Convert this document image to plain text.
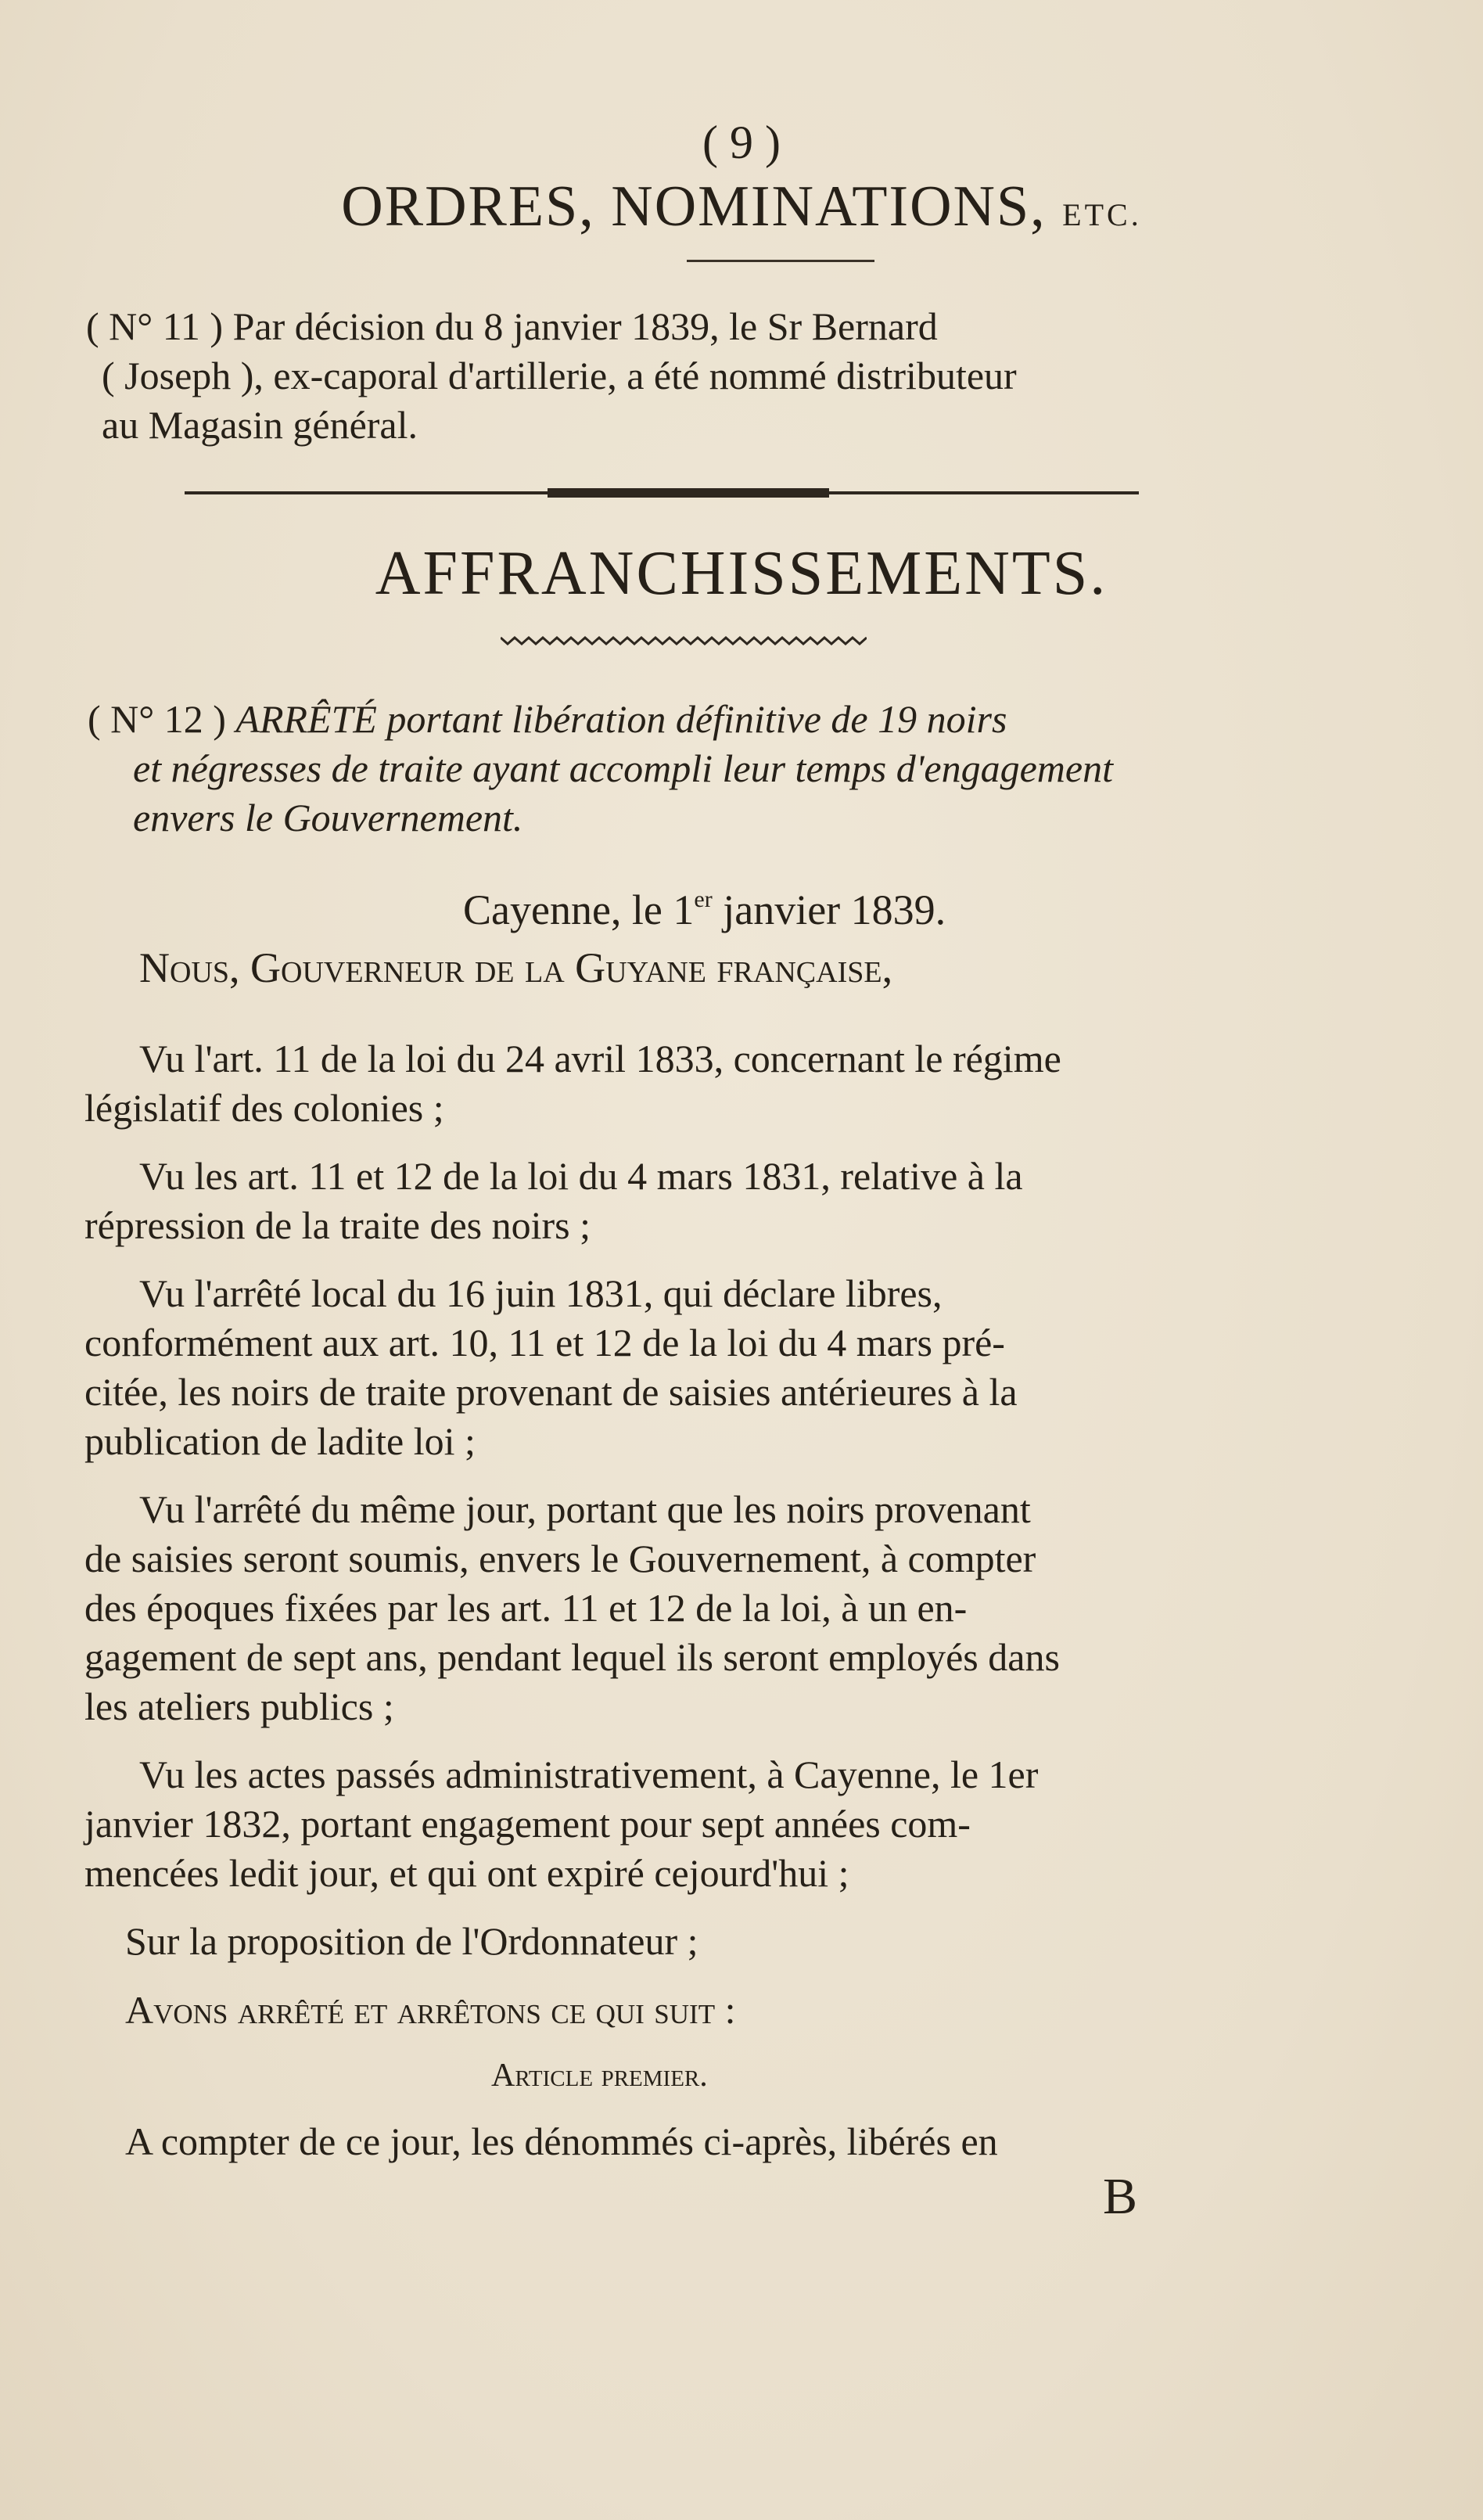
( 9 )
ORDRES, NOMINATIONS, ETC.
( N° 11 ) Par décision du 8 janvier 1839, le Sr Bernard
( Joseph ), ex-caporal d'artillerie, a été nommé distributeur
au Magasin général.
AFFRANCHISSEMENTS.
( N° 12 ) ARRÊTÉ portant libération définitive de 19 noirs
et négresses de traite ayant accompli leur temps d'engagement
envers le Gouvernement.
Cayenne, le 1er janvier 1839.
Nous, Gouverneur de la Guyane française,
Vu l'art. 11 de la loi du 24 avril 1833, concernant le régime
législatif des colonies ;
Vu les art. 11 et 12 de la loi du 4 mars 1831, relative à la
répression de la traite des noirs ;
Vu l'arrêté local du 16 juin 1831, qui déclare libres,
conformément aux art. 10, 11 et 12 de la loi du 4 mars pré-
citée, les noirs de traite provenant de saisies antérieures à la
publication de ladite loi ;
Vu l'arrêté du même jour, portant que les noirs provenant
de saisies seront soumis, envers le Gouvernement, à compter
des époques fixées par les art. 11 et 12 de la loi, à un en-
gagement de sept ans, pendant lequel ils seront employés dans
les ateliers publics ;
Vu les actes passés administrativement, à Cayenne, le 1er
janvier 1832, portant engagement pour sept années com-
mencées ledit jour, et qui ont expiré cejourd'hui ;
Sur la proposition de l'Ordonnateur ;
Avons arrêté et arrêtons ce qui suit :
Article premier.
A compter de ce jour, les dénommés ci-après, libérés en
B
